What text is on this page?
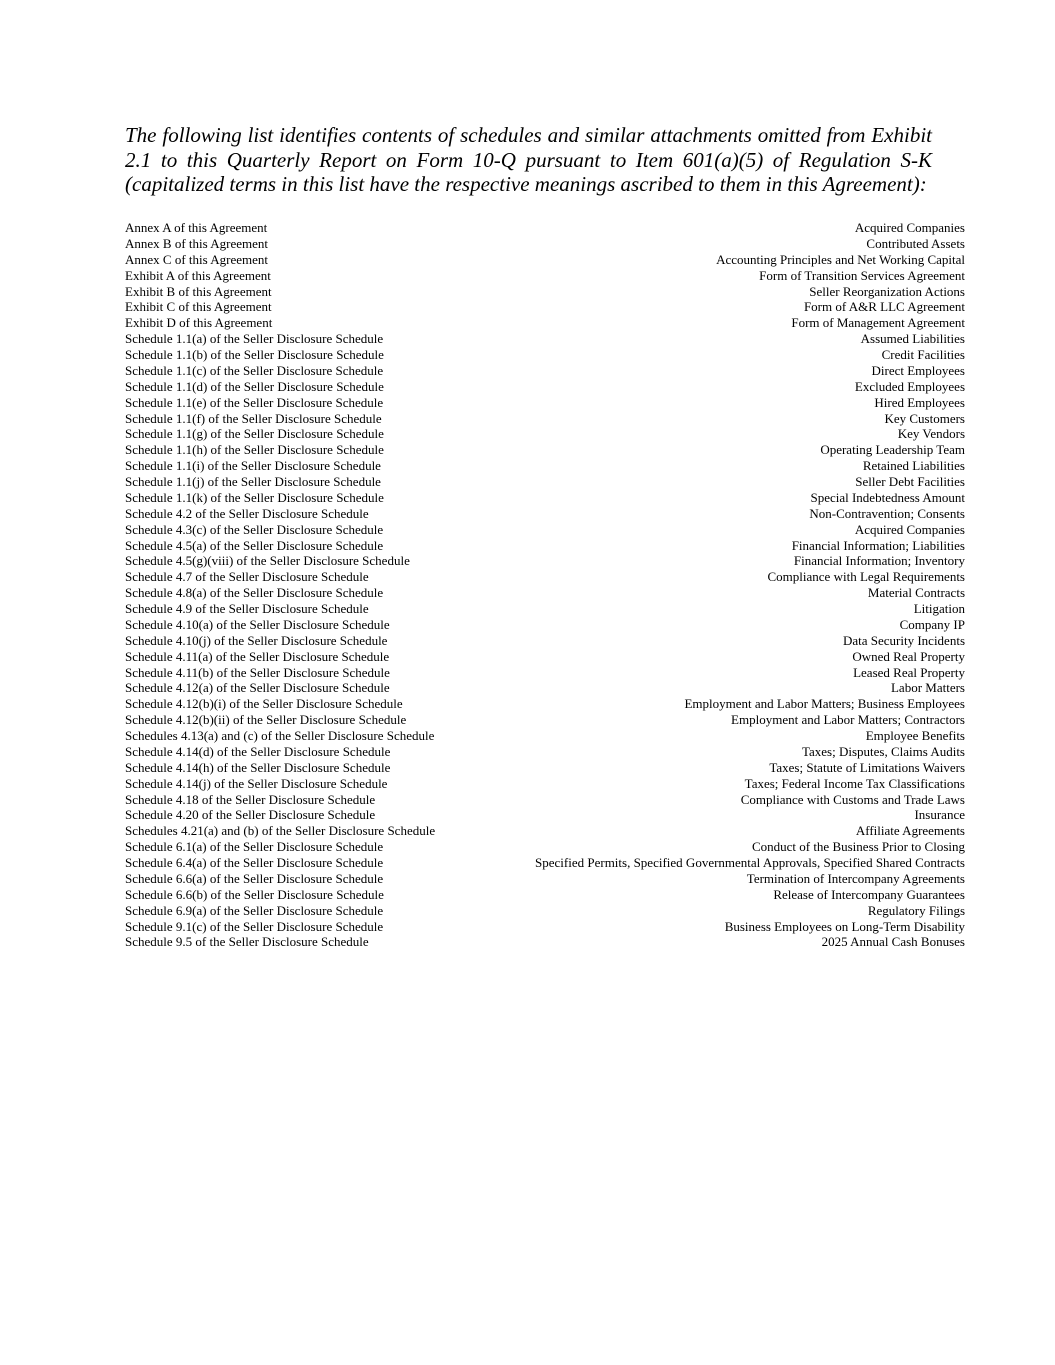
The following list identifies contents of schedules and similar attachments omitted from Exhibit 2.1 to this Quarterly Report on Form 10-Q pursuant to Item 601(a)(5) of Regulation S-K (capitalized terms in this list have the respective meanings ascribed to them in this Agreement):

Annex A of this Agreement	Acquired Companies
Annex B of this Agreement	Contributed Assets
Annex C of this Agreement	Accounting Principles and Net Working Capital
Exhibit A of this Agreement	Form of Transition Services Agreement
Exhibit B of this Agreement	Seller Reorganization Actions
Exhibit C of this Agreement	Form of A&R LLC Agreement
Exhibit D of this Agreement	Form of Management Agreement
Schedule 1.1(a) of the Seller Disclosure Schedule	Assumed Liabilities
Schedule 1.1(b) of the Seller Disclosure Schedule	Credit Facilities
Schedule 1.1(c) of the Seller Disclosure Schedule	Direct Employees
Schedule 1.1(d) of the Seller Disclosure Schedule	Excluded Employees
Schedule 1.1(e) of the Seller Disclosure Schedule	Hired Employees
Schedule 1.1(f) of the Seller Disclosure Schedule	Key Customers
Schedule 1.1(g) of the Seller Disclosure Schedule	Key Vendors
Schedule 1.1(h) of the Seller Disclosure Schedule	Operating Leadership Team
Schedule 1.1(i) of the Seller Disclosure Schedule	Retained Liabilities
Schedule 1.1(j) of the Seller Disclosure Schedule	Seller Debt Facilities
Schedule 1.1(k) of the Seller Disclosure Schedule	Special Indebtedness Amount
Schedule 4.2 of the Seller Disclosure Schedule	Non-Contravention; Consents
Schedule 4.3(c) of the Seller Disclosure Schedule	Acquired Companies
Schedule 4.5(a) of the Seller Disclosure Schedule	Financial Information; Liabilities
Schedule 4.5(g)(viii) of the Seller Disclosure Schedule	Financial Information; Inventory
Schedule 4.7 of the Seller Disclosure Schedule	Compliance with Legal Requirements
Schedule 4.8(a) of the Seller Disclosure Schedule	Material Contracts
Schedule 4.9 of the Seller Disclosure Schedule	Litigation
Schedule 4.10(a) of the Seller Disclosure Schedule	Company IP
Schedule 4.10(j) of the Seller Disclosure Schedule	Data Security Incidents
Schedule 4.11(a) of the Seller Disclosure Schedule	Owned Real Property
Schedule 4.11(b) of the Seller Disclosure Schedule	Leased Real Property
Schedule 4.12(a) of the Seller Disclosure Schedule	Labor Matters
Schedule 4.12(b)(i) of the Seller Disclosure Schedule	Employment and Labor Matters; Business Employees
Schedule 4.12(b)(ii) of the Seller Disclosure Schedule	Employment and Labor Matters; Contractors
Schedules 4.13(a) and (c) of the Seller Disclosure Schedule	Employee Benefits
Schedule 4.14(d) of the Seller Disclosure Schedule	Taxes; Disputes, Claims Audits
Schedule 4.14(h) of the Seller Disclosure Schedule	Taxes; Statute of Limitations Waivers
Schedule 4.14(j) of the Seller Disclosure Schedule	Taxes; Federal Income Tax Classifications
Schedule 4.18 of the Seller Disclosure Schedule	Compliance with Customs and Trade Laws
Schedule 4.20 of the Seller Disclosure Schedule	Insurance
Schedules 4.21(a) and (b) of the Seller Disclosure Schedule	Affiliate Agreements
Schedule 6.1(a) of the Seller Disclosure Schedule	Conduct of the Business Prior to Closing
Schedule 6.4(a) of the Seller Disclosure Schedule	Specified Permits, Specified Governmental Approvals, Specified Shared Contracts
Schedule 6.6(a) of the Seller Disclosure Schedule	Termination of Intercompany Agreements
Schedule 6.6(b) of the Seller Disclosure Schedule	Release of Intercompany Guarantees
Schedule 6.9(a) of the Seller Disclosure Schedule	Regulatory Filings
Schedule 9.1(c) of the Seller Disclosure Schedule	Business Employees on Long-Term Disability
Schedule 9.5 of the Seller Disclosure Schedule	2025 Annual Cash Bonuses
